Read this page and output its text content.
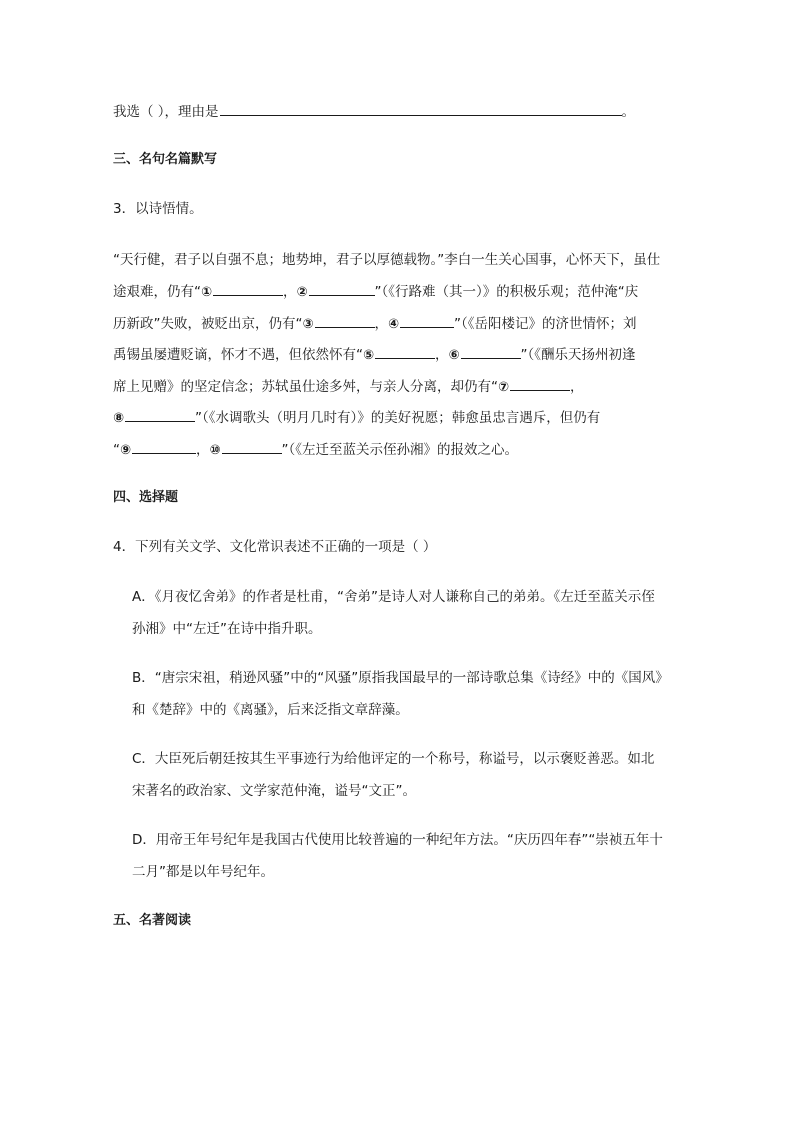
我选（ ），理由是	。
三、名句名篇默写
3．以诗悟情。
“天行健，君子以自强不息；地势坤，君子以厚德载物。”李白一生关心国事，心怀天下，虽仕
途艰难，仍有“①	，②	”（《行路难（其一）》的积极乐观；范仲淹“庆
历新政”失败，被贬出京，仍有“③	，④	”（《岳阳楼记》的济世情怀；刘
禹锡虽屡遭贬谪，怀才不遇，但依然怀有“⑤	，⑥	”（《酬乐天扬州初逢
席上见赠》的坚定信念；苏轼虽仕途多舛，与亲人分离，却仍有“⑦	，
⑧	”（《水调歌头（明月几时有）》的美好祝愿；韩愈虽忠言遇斥，但仍有
“⑨	，⑩	”（《左迁至蓝关示侄孙湘》的报效之心。
四、选择题
4．下列有关文学、文化常识表述不正确的一项是（ ）
A．《月夜忆舍弟》的作者是杜甫，“舍弟”是诗人对人谦称自己的弟弟。《左迁至蓝关示侄
孙湘》中“左迁”在诗中指升职。
B．“唐宗宋祖，稍逊风骚”中的“风骚”原指我国最早的一部诗歌总集《诗经》中的《国风》
和《楚辞》中的《离骚》，后来泛指文章辞藻。
C．大臣死后朝廷按其生平事迹行为给他评定的一个称号，称谥号，以示褒贬善恶。如北
宋著名的政治家、文学家范仲淹，谥号“文正”。
D．用帝王年号纪年是我国古代使用比较普遍的一种纪年方法。“庆历四年春”“崇祯五年十
二月”都是以年号纪年。
五、名著阅读
